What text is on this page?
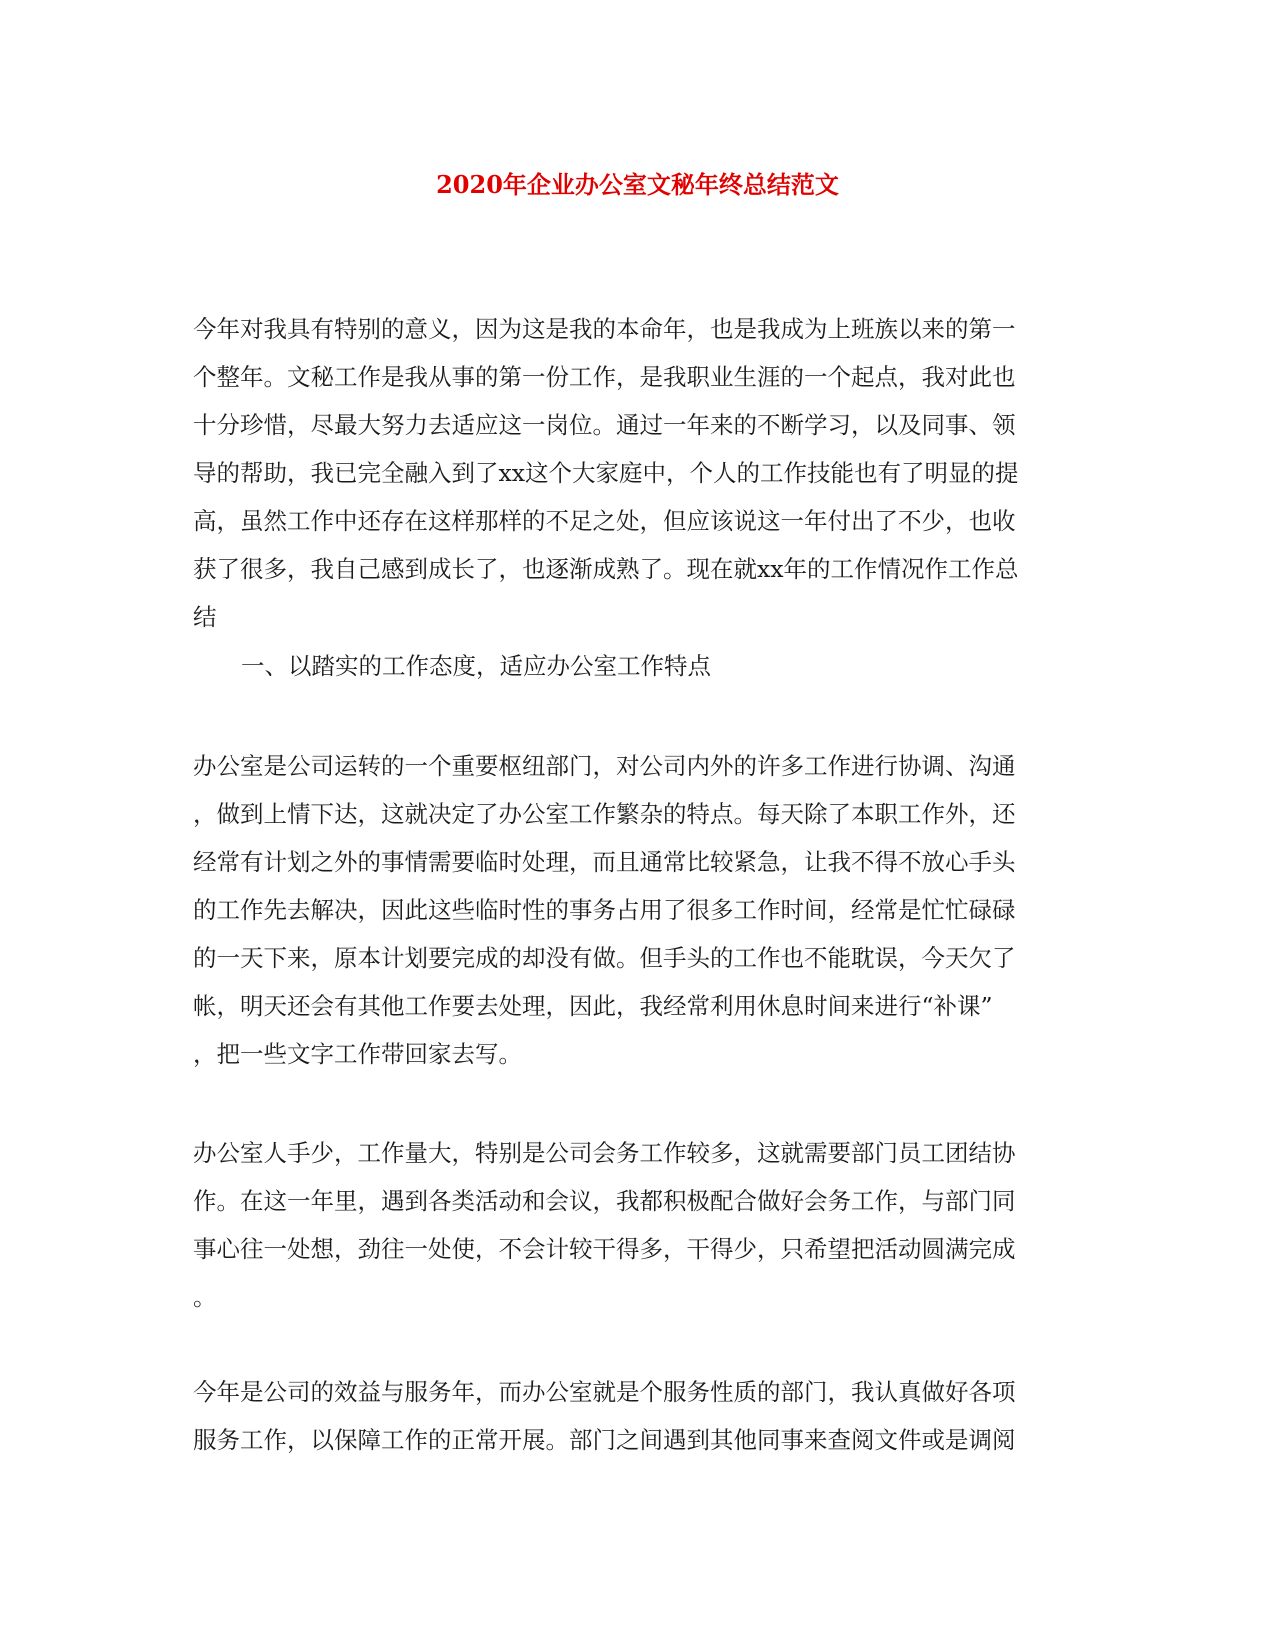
2020年企业办公室文秘年终总结范文
今年对我具有特别的意义，因为这是我的本命年，也是我成为上班族以来的第一
个整年。文秘工作是我从事的第一份工作，是我职业生涯的一个起点，我对此也
十分珍惜，尽最大努力去适应这一岗位。通过一年来的不断学习，以及同事、领
导的帮助，我已完全融入到了xx这个大家庭中，个人的工作技能也有了明显的提
高，虽然工作中还存在这样那样的不足之处，但应该说这一年付出了不少，也收
获了很多，我自己感到成长了，也逐渐成熟了。现在就xx年的工作情况作工作总
结
一、以踏实的工作态度，适应办公室工作特点
办公室是公司运转的一个重要枢纽部门，对公司内外的许多工作进行协调、沟通
，做到上情下达，这就决定了办公室工作繁杂的特点。每天除了本职工作外，还
经常有计划之外的事情需要临时处理，而且通常比较紧急，让我不得不放心手头
的工作先去解决，因此这些临时性的事务占用了很多工作时间，经常是忙忙碌碌
的一天下来，原本计划要完成的却没有做。但手头的工作也不能耽误，今天欠了
帐，明天还会有其他工作要去处理，因此，我经常利用休息时间来进行“补课”
，把一些文字工作带回家去写。
办公室人手少，工作量大，特别是公司会务工作较多，这就需要部门员工团结协
作。在这一年里，遇到各类活动和会议，我都积极配合做好会务工作，与部门同
事心往一处想，劲往一处使，不会计较干得多，干得少，只希望把活动圆满完成
。
今年是公司的效益与服务年，而办公室就是个服务性质的部门，我认真做好各项
服务工作，以保障工作的正常开展。部门之间遇到其他同事来查阅文件或是调阅
